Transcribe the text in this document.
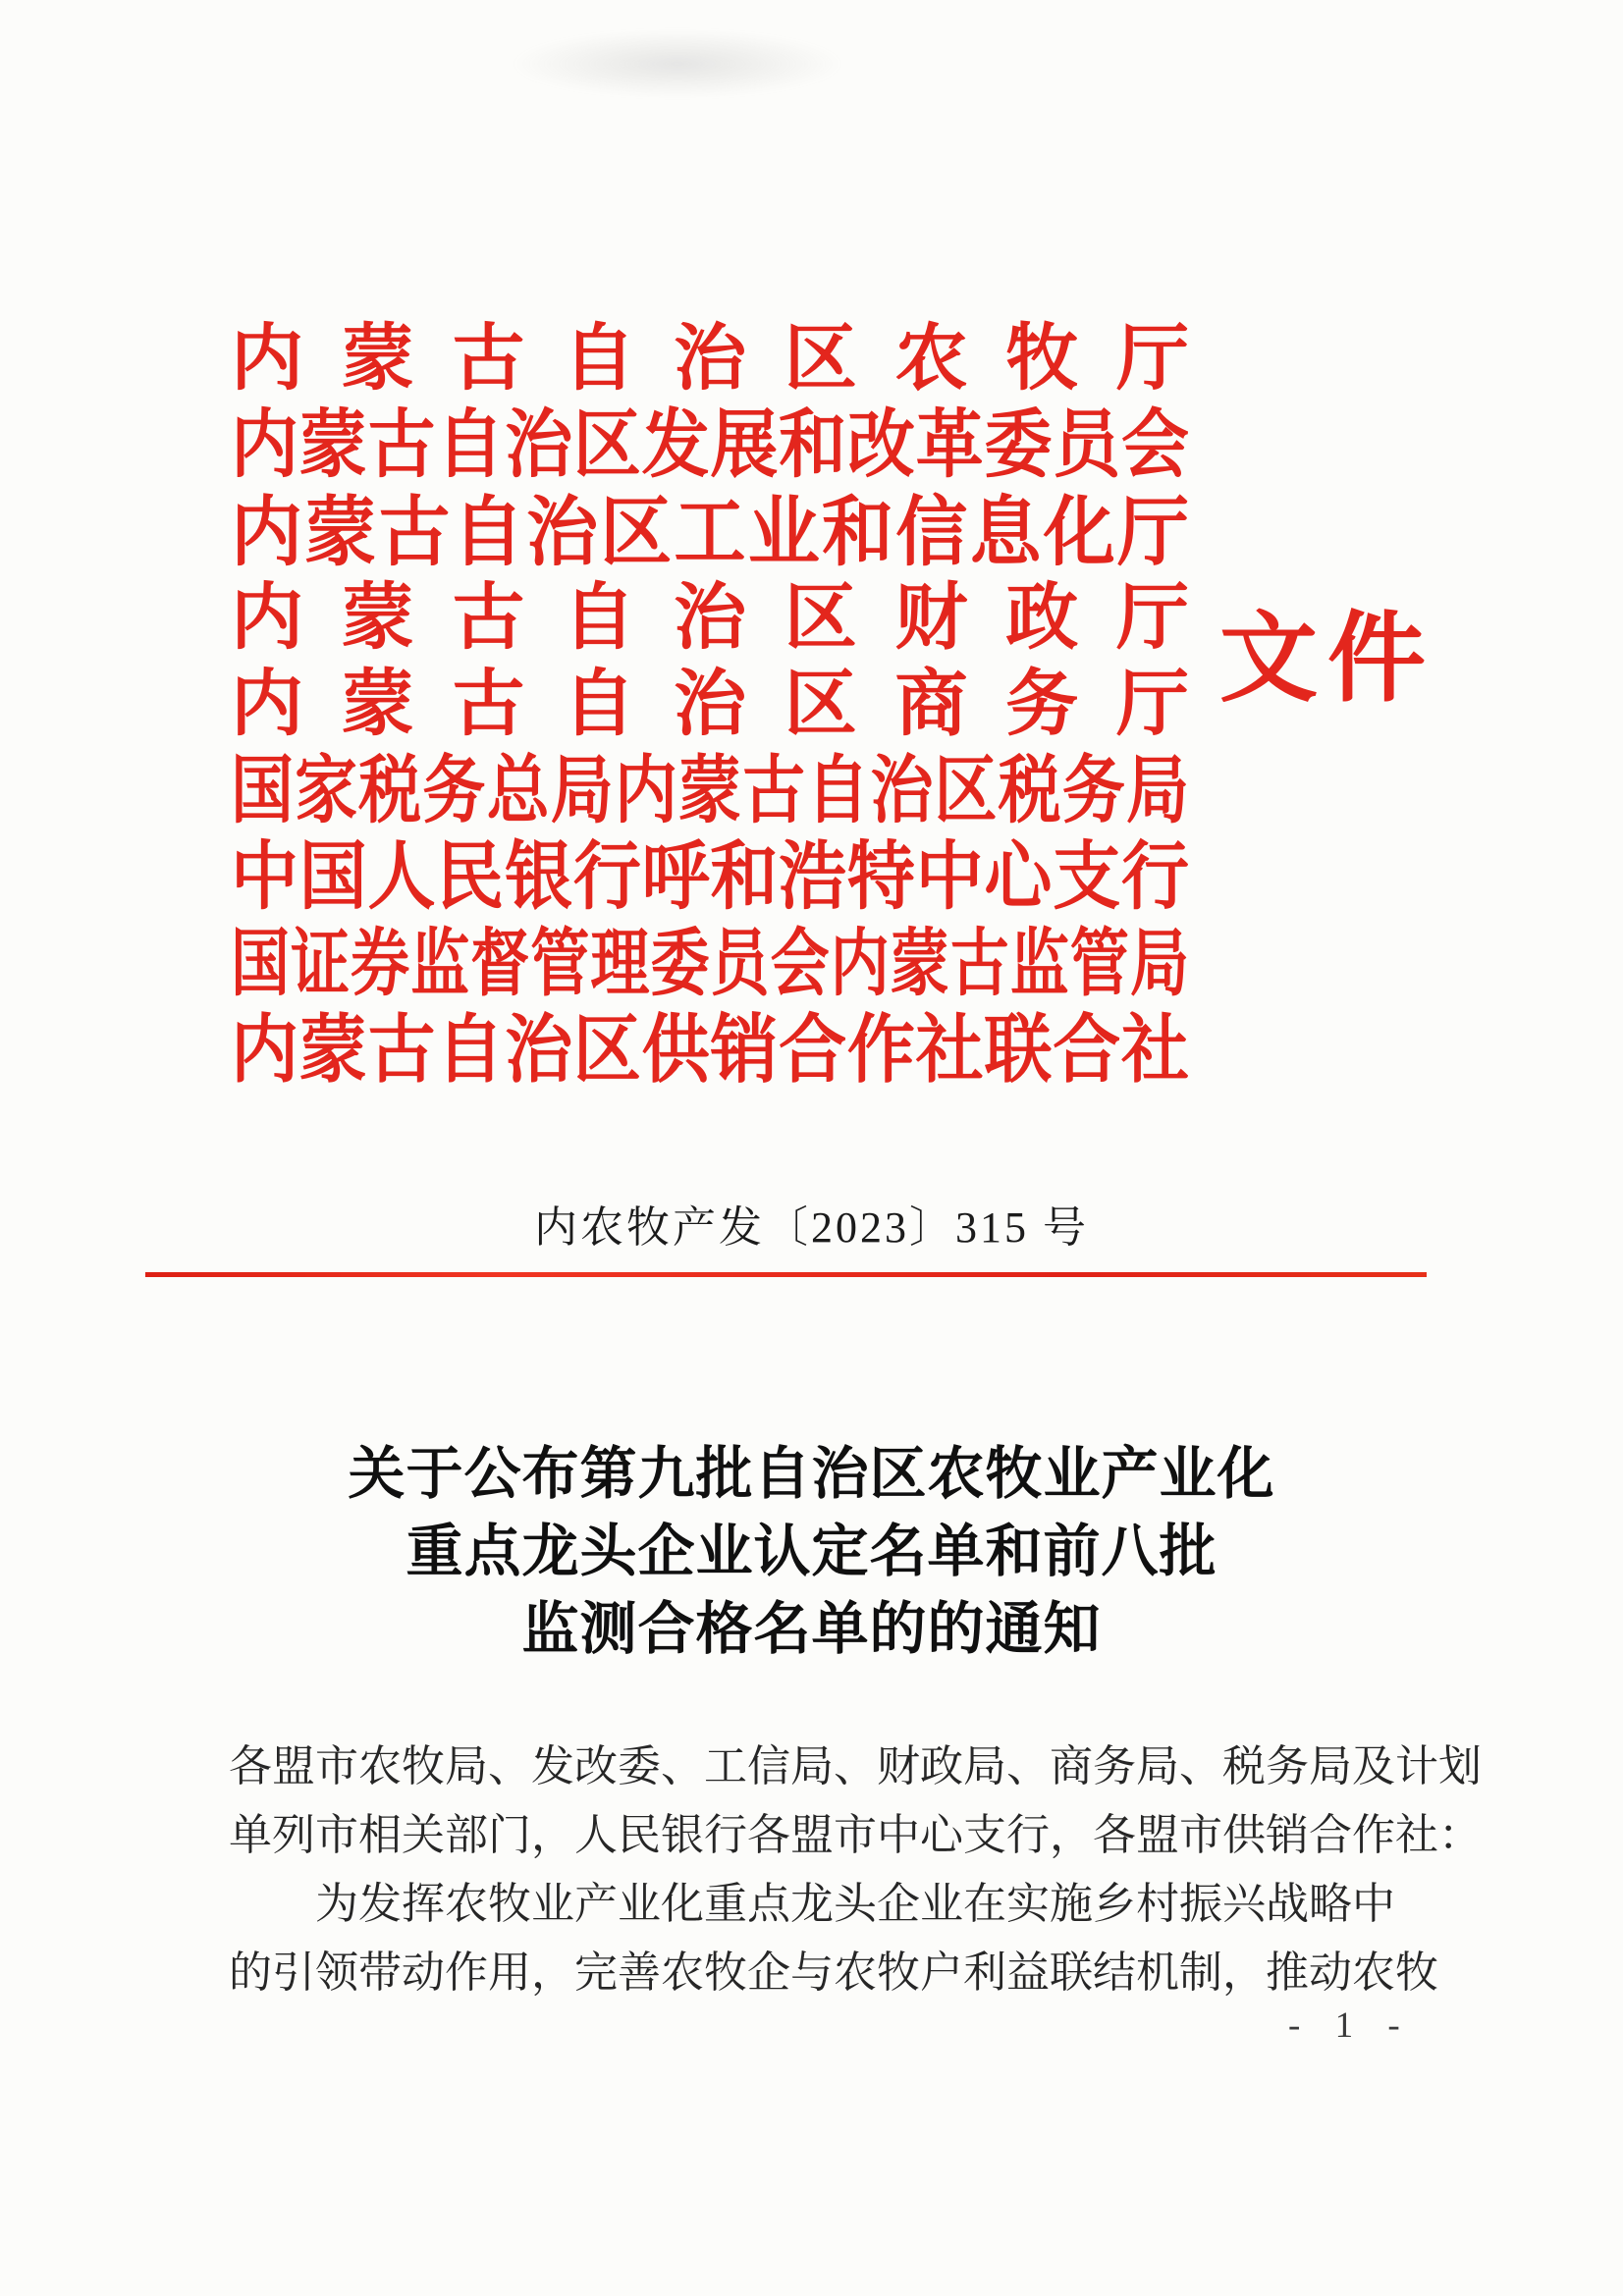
内 蒙 古 自 治 区 农 牧 厅
内 蒙 古 自 治 区 发 展 和 改 革 委 员 会
内 蒙 古 自 治 区 工 业 和 信 息 化 厅
内 蒙 古 自 治 区 财 政 厅
内 蒙 古 自 治 区 商 务 厅
国 家 税 务 总 局 内 蒙 古 自 治 区 税 务 局
中 国 人 民 银 行 呼 和 浩 特 中 心 支 行
国 证 券 监 督 管 理 委 员 会 内 蒙 古 监 管 局
内 蒙 古 自 治 区 供 销 合 作 社 联 合 社
文件
内农牧产发〔2023〕315 号
关于公布第九批自治区农牧业产业化
重点龙头企业认定名单和前八批
监测合格名单的的通知
各盟市农牧局、发改委、工信局、财政局、商务局、税务局及计划
单列市相关部门，人民银行各盟市中心支行，各盟市供销合作社：
为发挥农牧业产业化重点龙头企业在实施乡村振兴战略中
的引领带动作用，完善农牧企与农牧户利益联结机制，推动农牧
- 1 -
